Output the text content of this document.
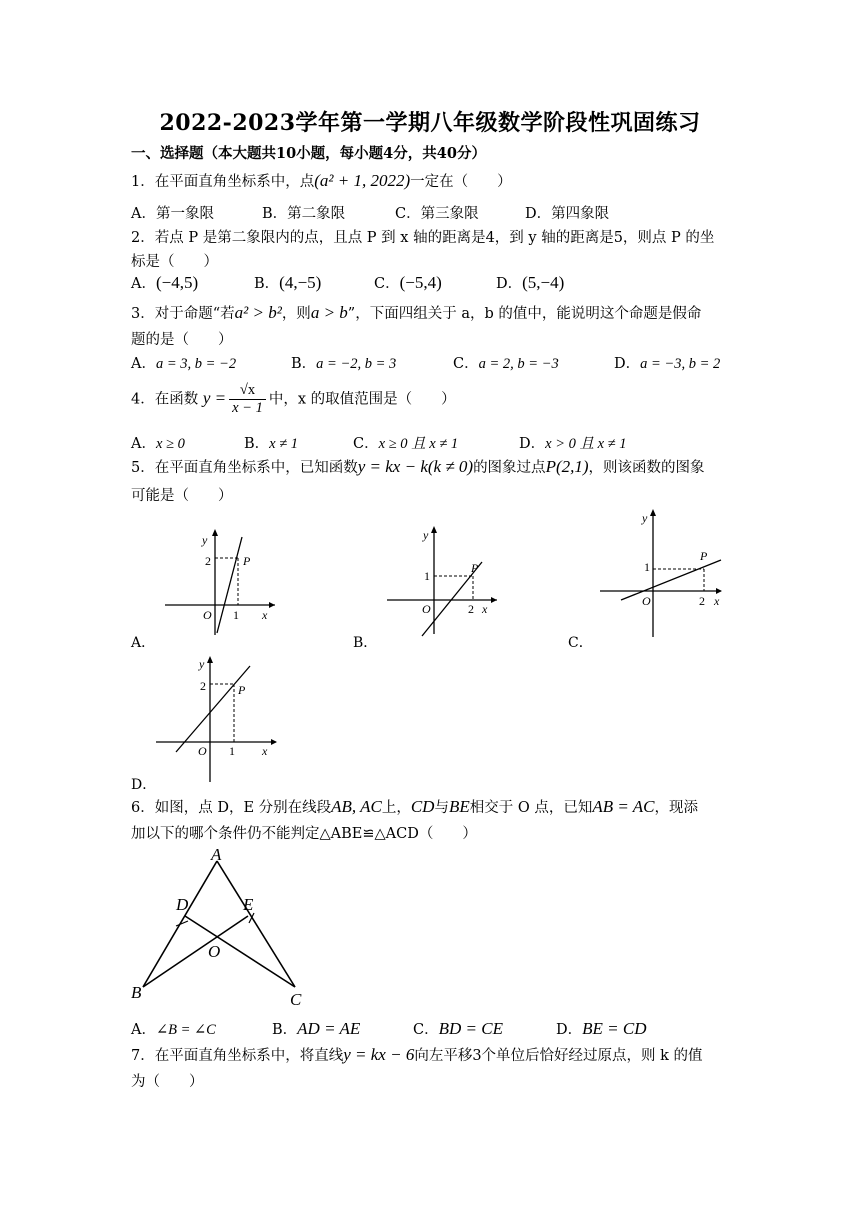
2022-2023学年第一学期八年级数学阶段性巩固练习
一、选择题（本大题共10小题，每小题4分，共40分）
1．在平面直角坐标系中，点(a² + 1, 2022)一定在（　　）
A．第一象限	B．第二象限	C．第三象限	D．第四象限
2．若点 P 是第二象限内的点，且点 P 到 x 轴的距离是4，到 y 轴的距离是5，则点 P 的坐
标是（　　）
A．(−4,5)	B．(4,−5)	C．(−5,4)	D．(5,−4)
3．对于命题“若a² > b²，则a > b”，下面四组关于 a，b 的值中，能说明这个命题是假命
题的是（　　）
A．a = 3, b = −2	B．a = −2, b = 3	C．a = 2, b = −3	D．a = −3, b = 2
4．在函数 $y = \frac{√x}{x - 1}$ 中，x 的取值范围是（　　）
A．x ≥ 0	B．x ≠ 1	C．x ≥ 0 且 x ≠ 1	D．x > 0 且 x ≠ 1
5．在平面直角坐标系中，已知函数y = kx − k(k ≠ 0)的图象过点P(2,1)，则该函数的图象
可能是（　　）
y
2	P
O 1 x
A．
y
1
P
O	2 x
B．
y
1
P
O	2 x
C．
y
2	P
O 1 x
D．
6．如图，点 D，E 分别在线段AB, AC上，CD与BE相交于 O 点，已知AB = AC，现添
加以下的哪个条件仍不能判定△ABE≌△ACD（　　）
A
D	E
O
B	C
A．∠B = ∠C	B．AD = AE	C．BD = CE	D．BE = CD
7．在平面直角坐标系中，将直线y = kx − 6向左平移3个单位后恰好经过原点，则 k 的值
为（　　）
